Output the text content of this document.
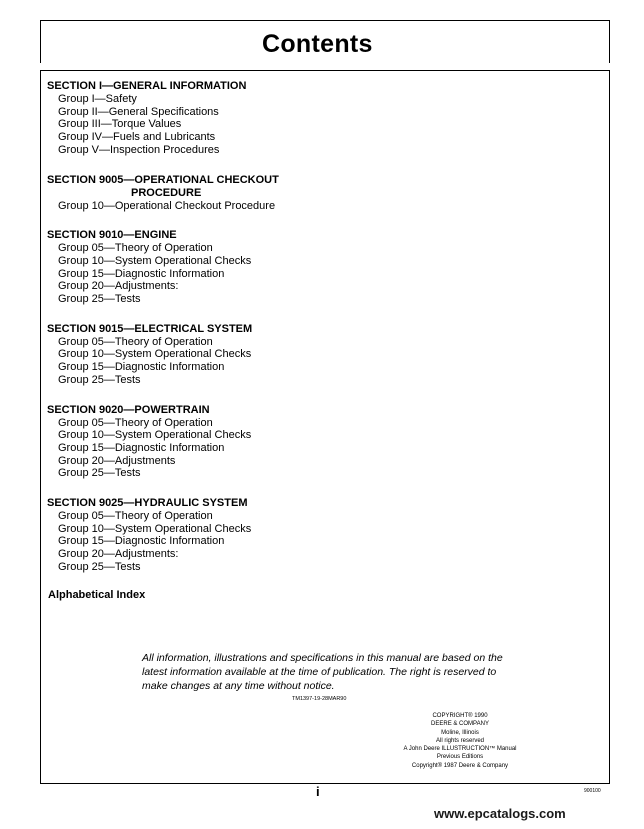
Contents
SECTION I—GENERAL INFORMATION
Group I—Safety
Group II—General Specifications
Group III—Torque Values
Group IV—Fuels and Lubricants
Group V—Inspection Procedures
SECTION 9005—OPERATIONAL CHECKOUT
PROCEDURE
Group 10—Operational Checkout Procedure
SECTION 9010—ENGINE
Group 05—Theory of Operation
Group 10—System Operational Checks
Group 15—Diagnostic Information
Group 20—Adjustments:
Group 25—Tests
SECTION 9015—ELECTRICAL SYSTEM
Group 05—Theory of Operation
Group 10—System Operational Checks
Group 15—Diagnostic Information
Group 25—Tests
SECTION 9020—POWERTRAIN
Group 05—Theory of Operation
Group 10—System Operational Checks
Group 15—Diagnostic Information
Group 20—Adjustments
Group 25—Tests
SECTION 9025—HYDRAULIC SYSTEM
Group 05—Theory of Operation
Group 10—System Operational Checks
Group 15—Diagnostic Information
Group 20—Adjustments:
Group 25—Tests
Alphabetical Index
All information, illustrations and specifications in this manual are based on the latest information available at the time of publication. The right is reserved to make changes at any time without notice.
TM1397-19-28MAR90
COPYRIGHT® 1990
DEERE & COMPANY
Moline, Illinois
All rights reserved
A John Deere ILLUSTRUCTION™ Manual
Previous Editions
Copyright® 1987 Deere & Company
i	900100
www.epcatalogs.com
